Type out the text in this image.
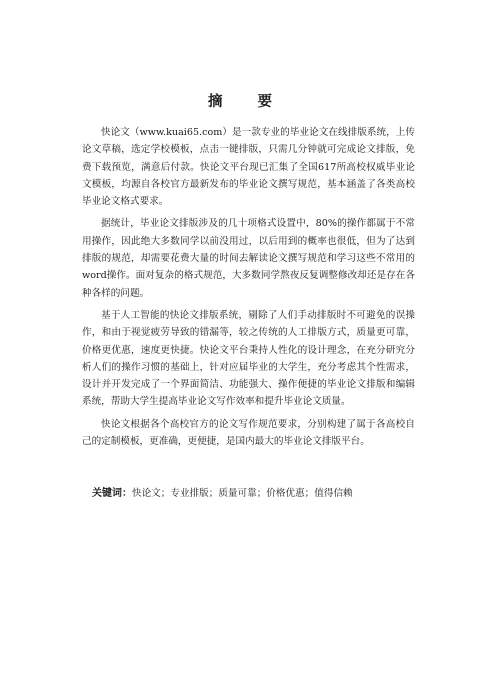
摘 要

快论文（www.kuai65.com）是一款专业的毕业论文在线排版系统，上传论文草稿，选定学校模板，点击一键排版，只需几分钟就可完成论文排版，免费下载预览，满意后付款。快论文平台现已汇集了全国617所高校权威毕业论文模板，均源自各校官方最新发布的毕业论文撰写规范，基本涵盖了各类高校毕业论文格式要求。

据统计，毕业论文排版涉及的几十项格式设置中，80%的操作都属于不常用操作，因此绝大多数同学以前没用过，以后用到的概率也很低，但为了达到排版的规范，却需要花费大量的时间去解读论文撰写规范和学习这些不常用的word操作。面对复杂的格式规范，大多数同学熬夜反复调整修改却还是存在各种各样的问题。

基于人工智能的快论文排版系统，剔除了人们手动排版时不可避免的误操作，和由于视觉疲劳导致的错漏等，较之传统的人工排版方式，质量更可靠，价格更优惠，速度更快捷。快论文平台秉持人性化的设计理念，在充分研究分析人们的操作习惯的基础上，针对应届毕业的大学生，充分考虑其个性需求，设计并开发完成了一个界面简洁、功能强大、操作便捷的毕业论文排版和编辑系统，帮助大学生提高毕业论文写作效率和提升毕业论文质量。

快论文根据各个高校官方的论文写作规范要求，分别构建了属于各高校自己的定制模板，更准确，更便捷，是国内最大的毕业论文排版平台。

关键词：快论文；专业排版；质量可靠；价格优惠；值得信赖
